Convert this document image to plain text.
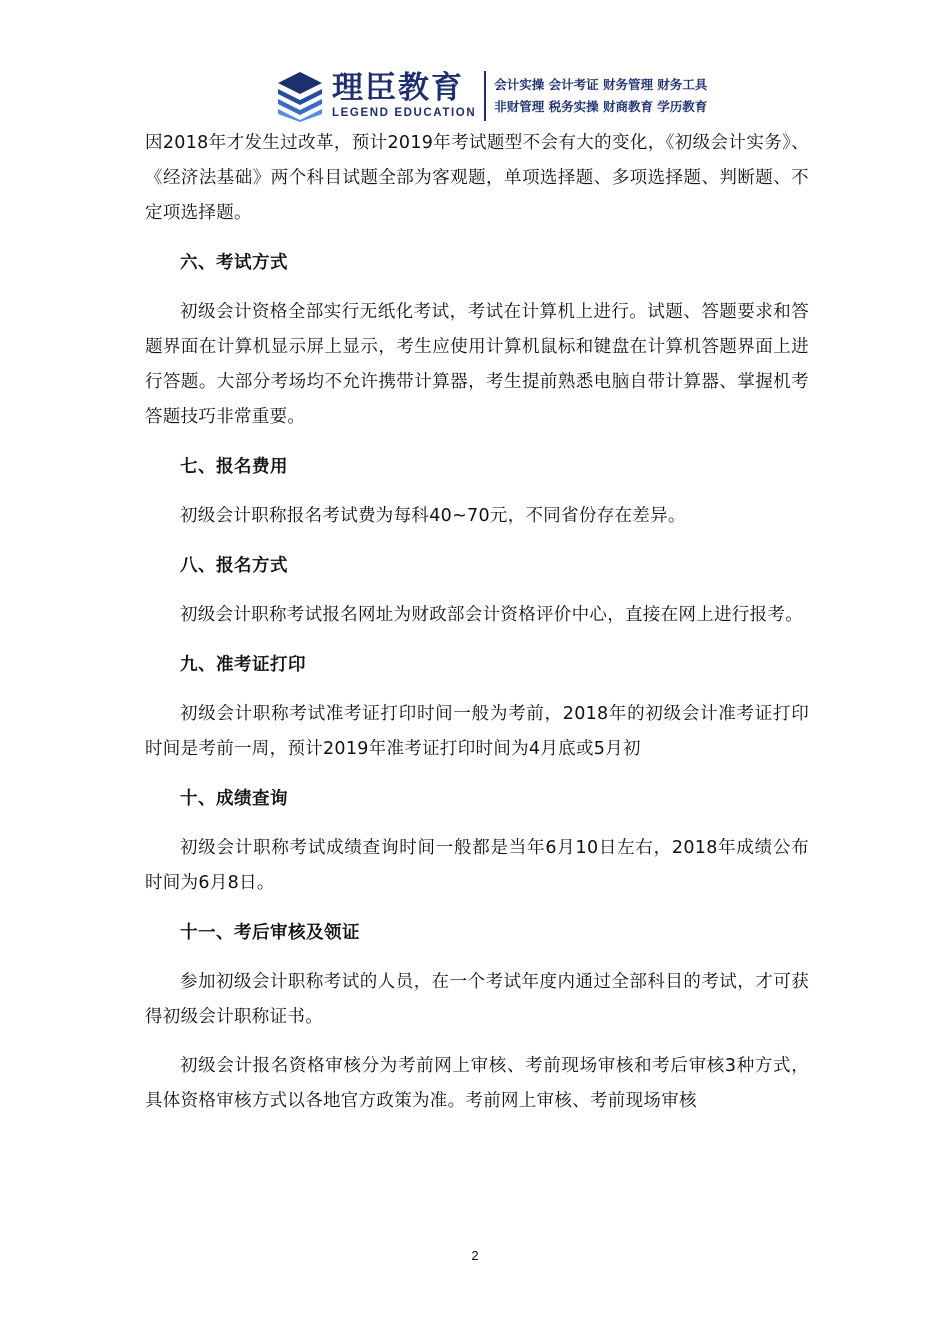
理臣教育
LEGEND EDUCATION
会计实操 会计考证 财务管理 财务工具
非财管理 税务实操 财商教育 学历教育

因2018年才发生过改革，预计2019年考试题型不会有大的变化，《初级会计实务》、《经济法基础》两个科目试题全部为客观题，单项选择题、多项选择题、判断题、不定项选择题。

六、考试方式

初级会计资格全部实行无纸化考试，考试在计算机上进行。试题、答题要求和答题界面在计算机显示屏上显示，考生应使用计算机鼠标和键盘在计算机答题界面上进行答题。大部分考场均不允许携带计算器，考生提前熟悉电脑自带计算器、掌握机考答题技巧非常重要。

七、报名费用

初级会计职称报名考试费为每科40~70元，不同省份存在差异。

八、报名方式

初级会计职称考试报名网址为财政部会计资格评价中心，直接在网上进行报考。

九、准考证打印

初级会计职称考试准考证打印时间一般为考前，2018年的初级会计准考证打印时间是考前一周，预计2019年准考证打印时间为4月底或5月初

十、成绩查询

初级会计职称考试成绩查询时间一般都是当年6月10日左右，2018年成绩公布时间为6月8日。

十一、考后审核及领证

参加初级会计职称考试的人员，在一个考试年度内通过全部科目的考试，才可获得初级会计职称证书。

初级会计报名资格审核分为考前网上审核、考前现场审核和考后审核3种方式，具体资格审核方式以各地官方政策为准。考前网上审核、考前现场审核

2
